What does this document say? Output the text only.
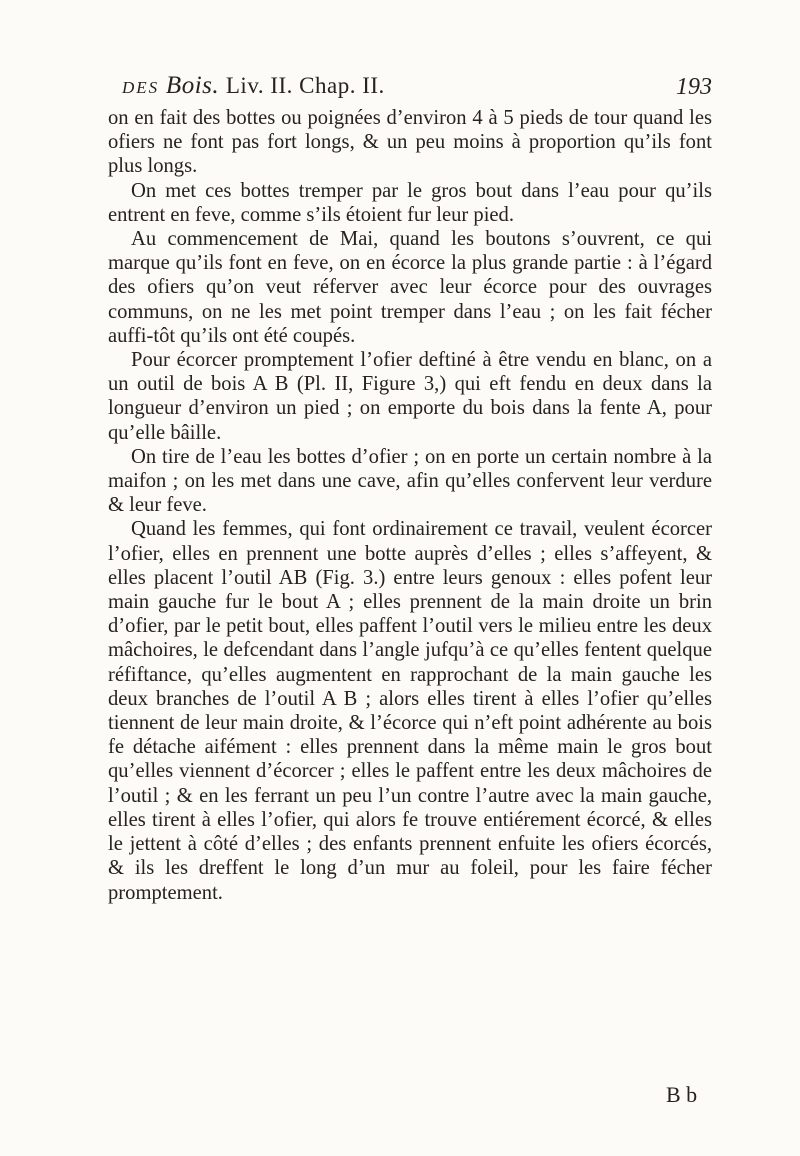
DES Bois. Liv. II. Chap. II.	193

on en fait des bottes ou poignées d’environ 4 à 5 pieds de tour quand les ofiers ne font pas fort longs, & un peu moins à proportion qu’ils font plus longs.

On met ces bottes tremper par le gros bout dans l’eau pour qu’ils entrent en feve, comme s’ils étoient fur leur pied.

Au commencement de Mai, quand les boutons s’ouvrent, ce qui marque qu’ils font en feve, on en écorce la plus grande partie : à l’égard des ofiers qu’on veut réferver avec leur écorce pour des ouvrages communs, on ne les met point tremper dans l’eau ; on les fait fécher auffi-tôt qu’ils ont été coupés.

Pour écorcer promptement l’ofier deftiné à être vendu en blanc, on a un outil de bois A B (Pl. II, Figure 3,) qui eft fendu en deux dans la longueur d’environ un pied ; on emporte du bois dans la fente A, pour qu’elle bâille.

On tire de l’eau les bottes d’ofier ; on en porte un certain nombre à la maifon ; on les met dans une cave, afin qu’elles confervent leur verdure & leur feve.

Quand les femmes, qui font ordinairement ce travail, veulent écorcer l’ofier, elles en prennent une botte auprès d’elles ; elles s’affeyent, & elles placent l’outil AB (Fig. 3.) entre leurs genoux : elles pofent leur main gauche fur le bout A ; elles prennent de la main droite un brin d’ofier, par le petit bout, elles paffent l’outil vers le milieu entre les deux mâchoires, le defcendant dans l’angle jufqu’à ce qu’elles fentent quelque réfiftance, qu’elles augmentent en rapprochant de la main gauche les deux branches de l’outil A B ; alors elles tirent à elles l’ofier qu’elles tiennent de leur main droite, & l’écorce qui n’eft point adhérente au bois fe détache aifément : elles prennent dans la même main le gros bout qu’elles viennent d’écorcer ; elles le paffent entre les deux mâchoires de l’outil ; & en les ferrant un peu l’un contre l’autre avec la main gauche, elles tirent à elles l’ofier, qui alors fe trouve entiérement écorcé, & elles le jettent à côté d’elles ; des enfants prennent enfuite les ofiers écorcés, & ils les dreffent le long d’un mur au foleil, pour les faire fécher promptement.

B b
